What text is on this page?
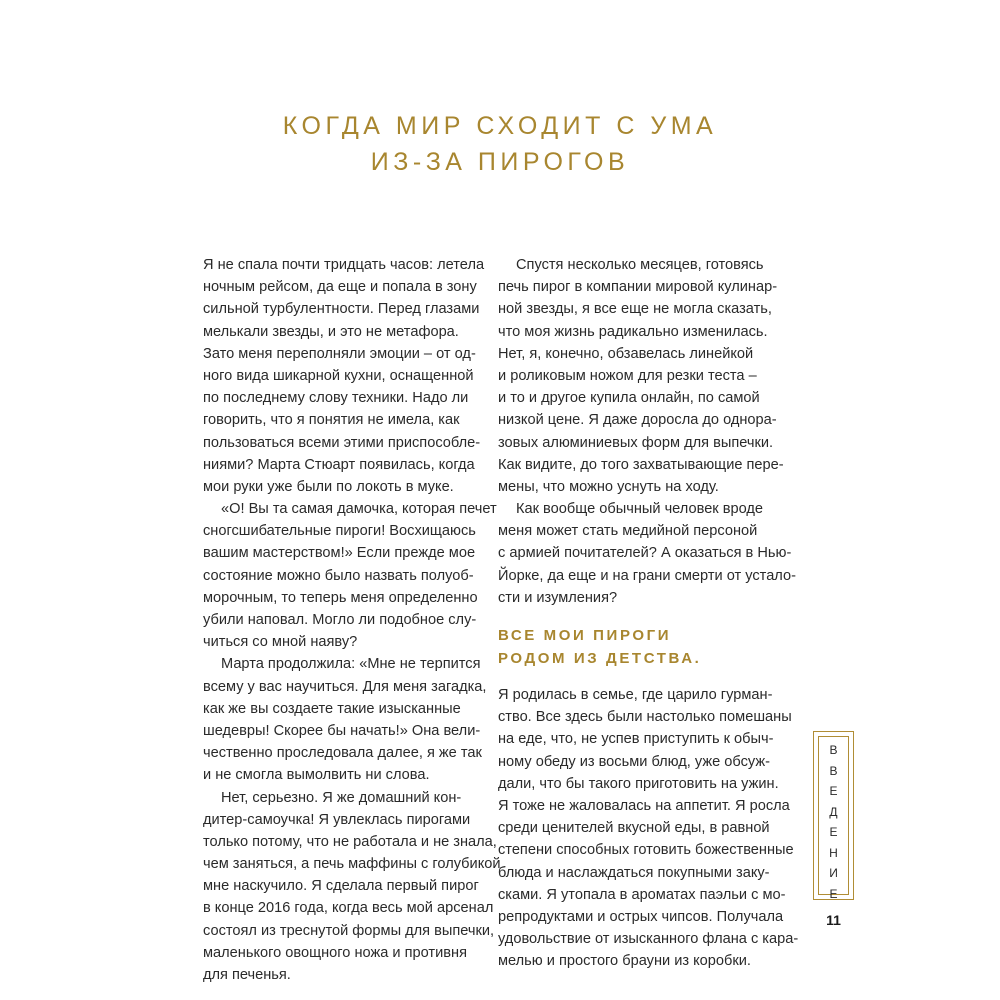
КОГДА МИР СХОДИТ С УМА
ИЗ-ЗА ПИРОГОВ
Я не спала почти тридцать часов: летела
ночным рейсом, да еще и попала в зону
сильной турбулентности. Перед глазами
мелькали звезды, и это не метафора.
Зато меня переполняли эмоции – от од-
ного вида шикарной кухни, оснащенной
по последнему слову техники. Надо ли
говорить, что я понятия не имела, как
пользоваться всеми этими приспособле-
ниями? Марта Стюарт появилась, когда
мои руки уже были по локоть в муке.
«О! Вы та самая дамочка, которая печет
сногсшибательные пироги! Восхищаюсь
вашим мастерством!» Если прежде мое
состояние можно было назвать полуоб-
морочным, то теперь меня определенно
убили наповал. Могло ли подобное слу-
читься со мной наяву?
Марта продолжила: «Мне не терпится
всему у вас научиться. Для меня загадка,
как же вы создаете такие изысканные
шедевры! Скорее бы начать!» Она вели-
чественно проследовала далее, я же так
и не смогла вымолвить ни слова.
Нет, серьезно. Я же домашний кон-
дитер-самоучка! Я увлеклась пирогами
только потому, что не работала и не знала,
чем заняться, а печь маффины с голубикой
мне наскучило. Я сделала первый пирог
в конце 2016 года, когда весь мой арсенал
состоял из треснутой формы для выпечки,
маленького овощного ножа и противня
для печенья.
Спустя несколько месяцев, готовясь
печь пирог в компании мировой кулинар-
ной звезды, я все еще не могла сказать,
что моя жизнь радикально изменилась.
Нет, я, конечно, обзавелась линейкой
и роликовым ножом для резки теста –
и то и другое купила онлайн, по самой
низкой цене. Я даже доросла до однора-
зовых алюминиевых форм для выпечки.
Как видите, до того захватывающие пере-
мены, что можно уснуть на ходу.
Как вообще обычный человек вроде
меня может стать медийной персоной
с армией почитателей? А оказаться в Нью-
Йорке, да еще и на грани смерти от устало-
сти и изумления?
ВСЕ МОИ ПИРОГИ
РОДОМ ИЗ ДЕТСТВА.
Я родилась в семье, где царило гурман-
ство. Все здесь были настолько помешаны
на еде, что, не успев приступить к обыч-
ному обеду из восьми блюд, уже обсуж-
дали, что бы такого приготовить на ужин.
Я тоже не жаловалась на аппетит. Я росла
среди ценителей вкусной еды, в равной
степени способных готовить божественные
блюда и наслаждаться покупными заку-
сками. Я утопала в ароматах паэльи с мо-
репродуктами и острых чипсов. Получала
удовольствие от изысканного флана с кара-
мелью и простого брауни из коробки.
В
В
Е
Д
Е
Н
И
Е
11
